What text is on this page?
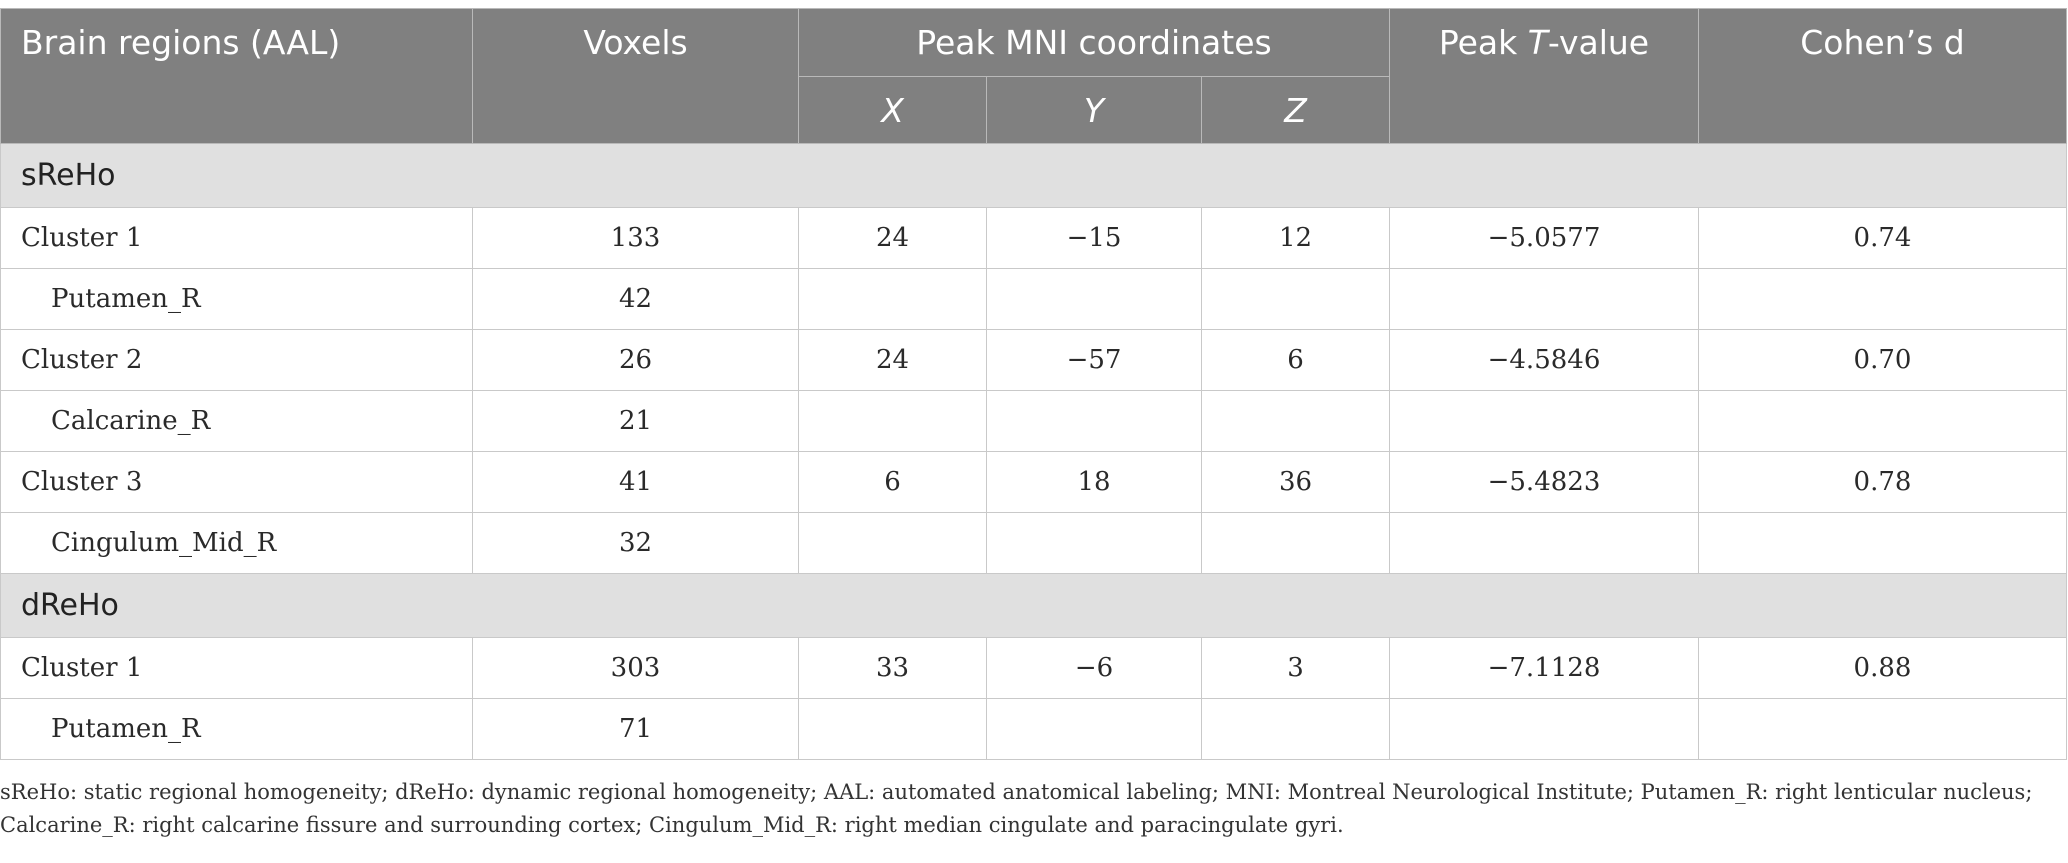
Brain regions (AAL)	Voxels	Peak MNI coordinates			Peak T-value	Cohen’s d
		X	Y	Z		
sReHo						
Cluster 1	133	24	−15	12	−5.0577	0.74
Putamen_R	42					
Cluster 2	26	24	−57	6	−4.5846	0.70
Calcarine_R	21					
Cluster 3	41	6	18	36	−5.4823	0.78
Cingulum_Mid_R	32					
dReHo						
Cluster 1	303	33	−6	3	−7.1128	0.88
Putamen_R	71					
sReHo: static regional homogeneity; dReHo: dynamic regional homogeneity; AAL: automated anatomical labeling; MNI: Montreal Neurological Institute; Putamen_R: right lenticular nucleus;
Calcarine_R: right calcarine fissure and surrounding cortex; Cingulum_Mid_R: right median cingulate and paracingulate gyri.
